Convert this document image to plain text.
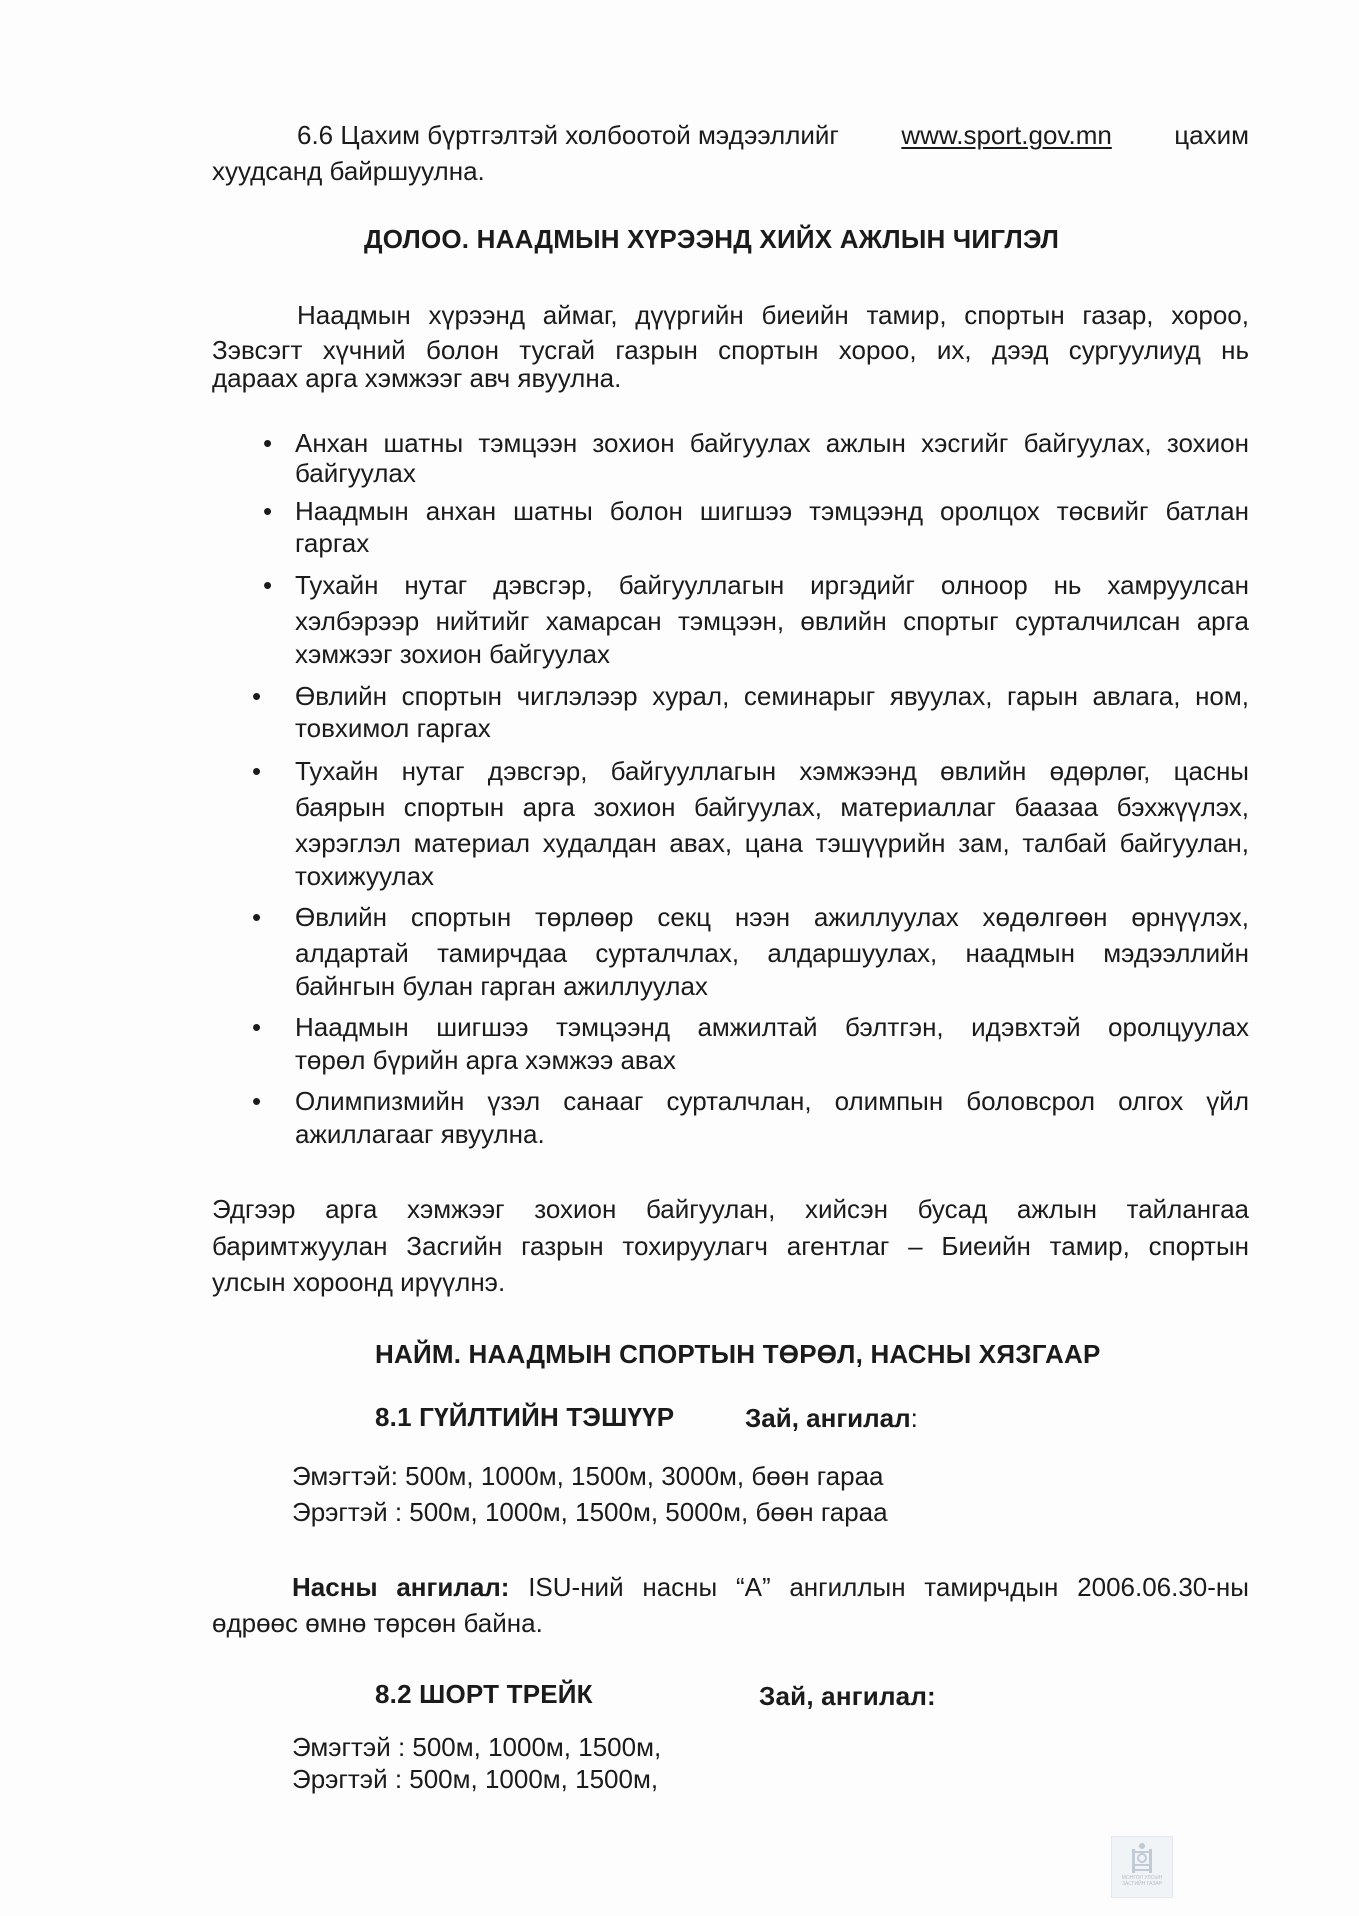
6.6 Цахим бүртгэлтэй холбоотой мэдээллийг www.sport.gov.mn цахим
хуудсанд байршуулна.
ДОЛОО. НААДМЫН ХҮРЭЭНД ХИЙХ АЖЛЫН ЧИГЛЭЛ
Наадмын хүрээнд аймаг, дүүргийн биеийн тамир, спортын газар, хороо,
Зэвсэгт хүчний болон тусгай газрын спортын хороо, их, дээд сургуулиуд нь
дараах арга хэмжээг авч явуулна.
• Анхан шатны тэмцээн зохион байгуулах ажлын хэсгийг байгуулах, зохион
байгуулах
• Наадмын анхан шатны болон шигшээ тэмцээнд оролцох төсвийг батлан
гаргах
• Тухайн нутаг дэвсгэр, байгууллагын иргэдийг олноор нь хамруулсан
хэлбэрээр нийтийг хамарсан тэмцээн, өвлийн спортыг сурталчилсан арга
хэмжээг зохион байгуулах
• Өвлийн спортын чиглэлээр хурал, семинарыг явуулах, гарын авлага, ном,
товхимол гаргах
• Тухайн нутаг дэвсгэр, байгууллагын хэмжээнд өвлийн өдөрлөг, цасны
баярын спортын арга зохион байгуулах, материаллаг баазаа бэхжүүлэх,
хэрэглэл материал худалдан авах, цана тэшүүрийн зам, талбай байгуулан,
тохижуулах
• Өвлийн спортын төрлөөр секц нээн ажиллуулах хөдөлгөөн өрнүүлэх,
алдартай тамирчдаа сурталчлах, алдаршуулах, наадмын мэдээллийн
байнгын булан гарган ажиллуулах
• Наадмын шигшээ тэмцээнд амжилтай бэлтгэн, идэвхтэй оролцуулах
төрөл бүрийн арга хэмжээ авах
• Олимпизмийн үзэл санааг сурталчлан, олимпын боловсрол олгох үйл
ажиллагааг явуулна.
Эдгээр арга хэмжээг зохион байгуулан, хийсэн бусад ажлын тайлангаа
баримтжуулан Засгийн газрын тохируулагч агентлаг – Биеийн тамир, спортын
улсын хороонд ирүүлнэ.
НАЙМ. НААДМЫН СПОРТЫН ТӨРӨЛ, НАСНЫ ХЯЗГААР
8.1 ГҮЙЛТИЙН ТЭШҮҮР	Зай, ангилал:
Эмэгтэй: 500м, 1000м, 1500м, 3000м, бөөн гараа
Эрэгтэй : 500м, 1000м, 1500м, 5000м, бөөн гараа
Насны ангилал: ISU-ний насны “А” ангиллын тамирчдын 2006.06.30-ны
өдрөөс өмнө төрсөн байна.
8.2 ШОРТ ТРЕЙК	Зай, ангилал:
Эмэгтэй : 500м, 1000м, 1500м,
Эрэгтэй : 500м, 1000м, 1500м,
МОНГОЛ УЛСЫН ЗАСГИЙН ГАЗАР
